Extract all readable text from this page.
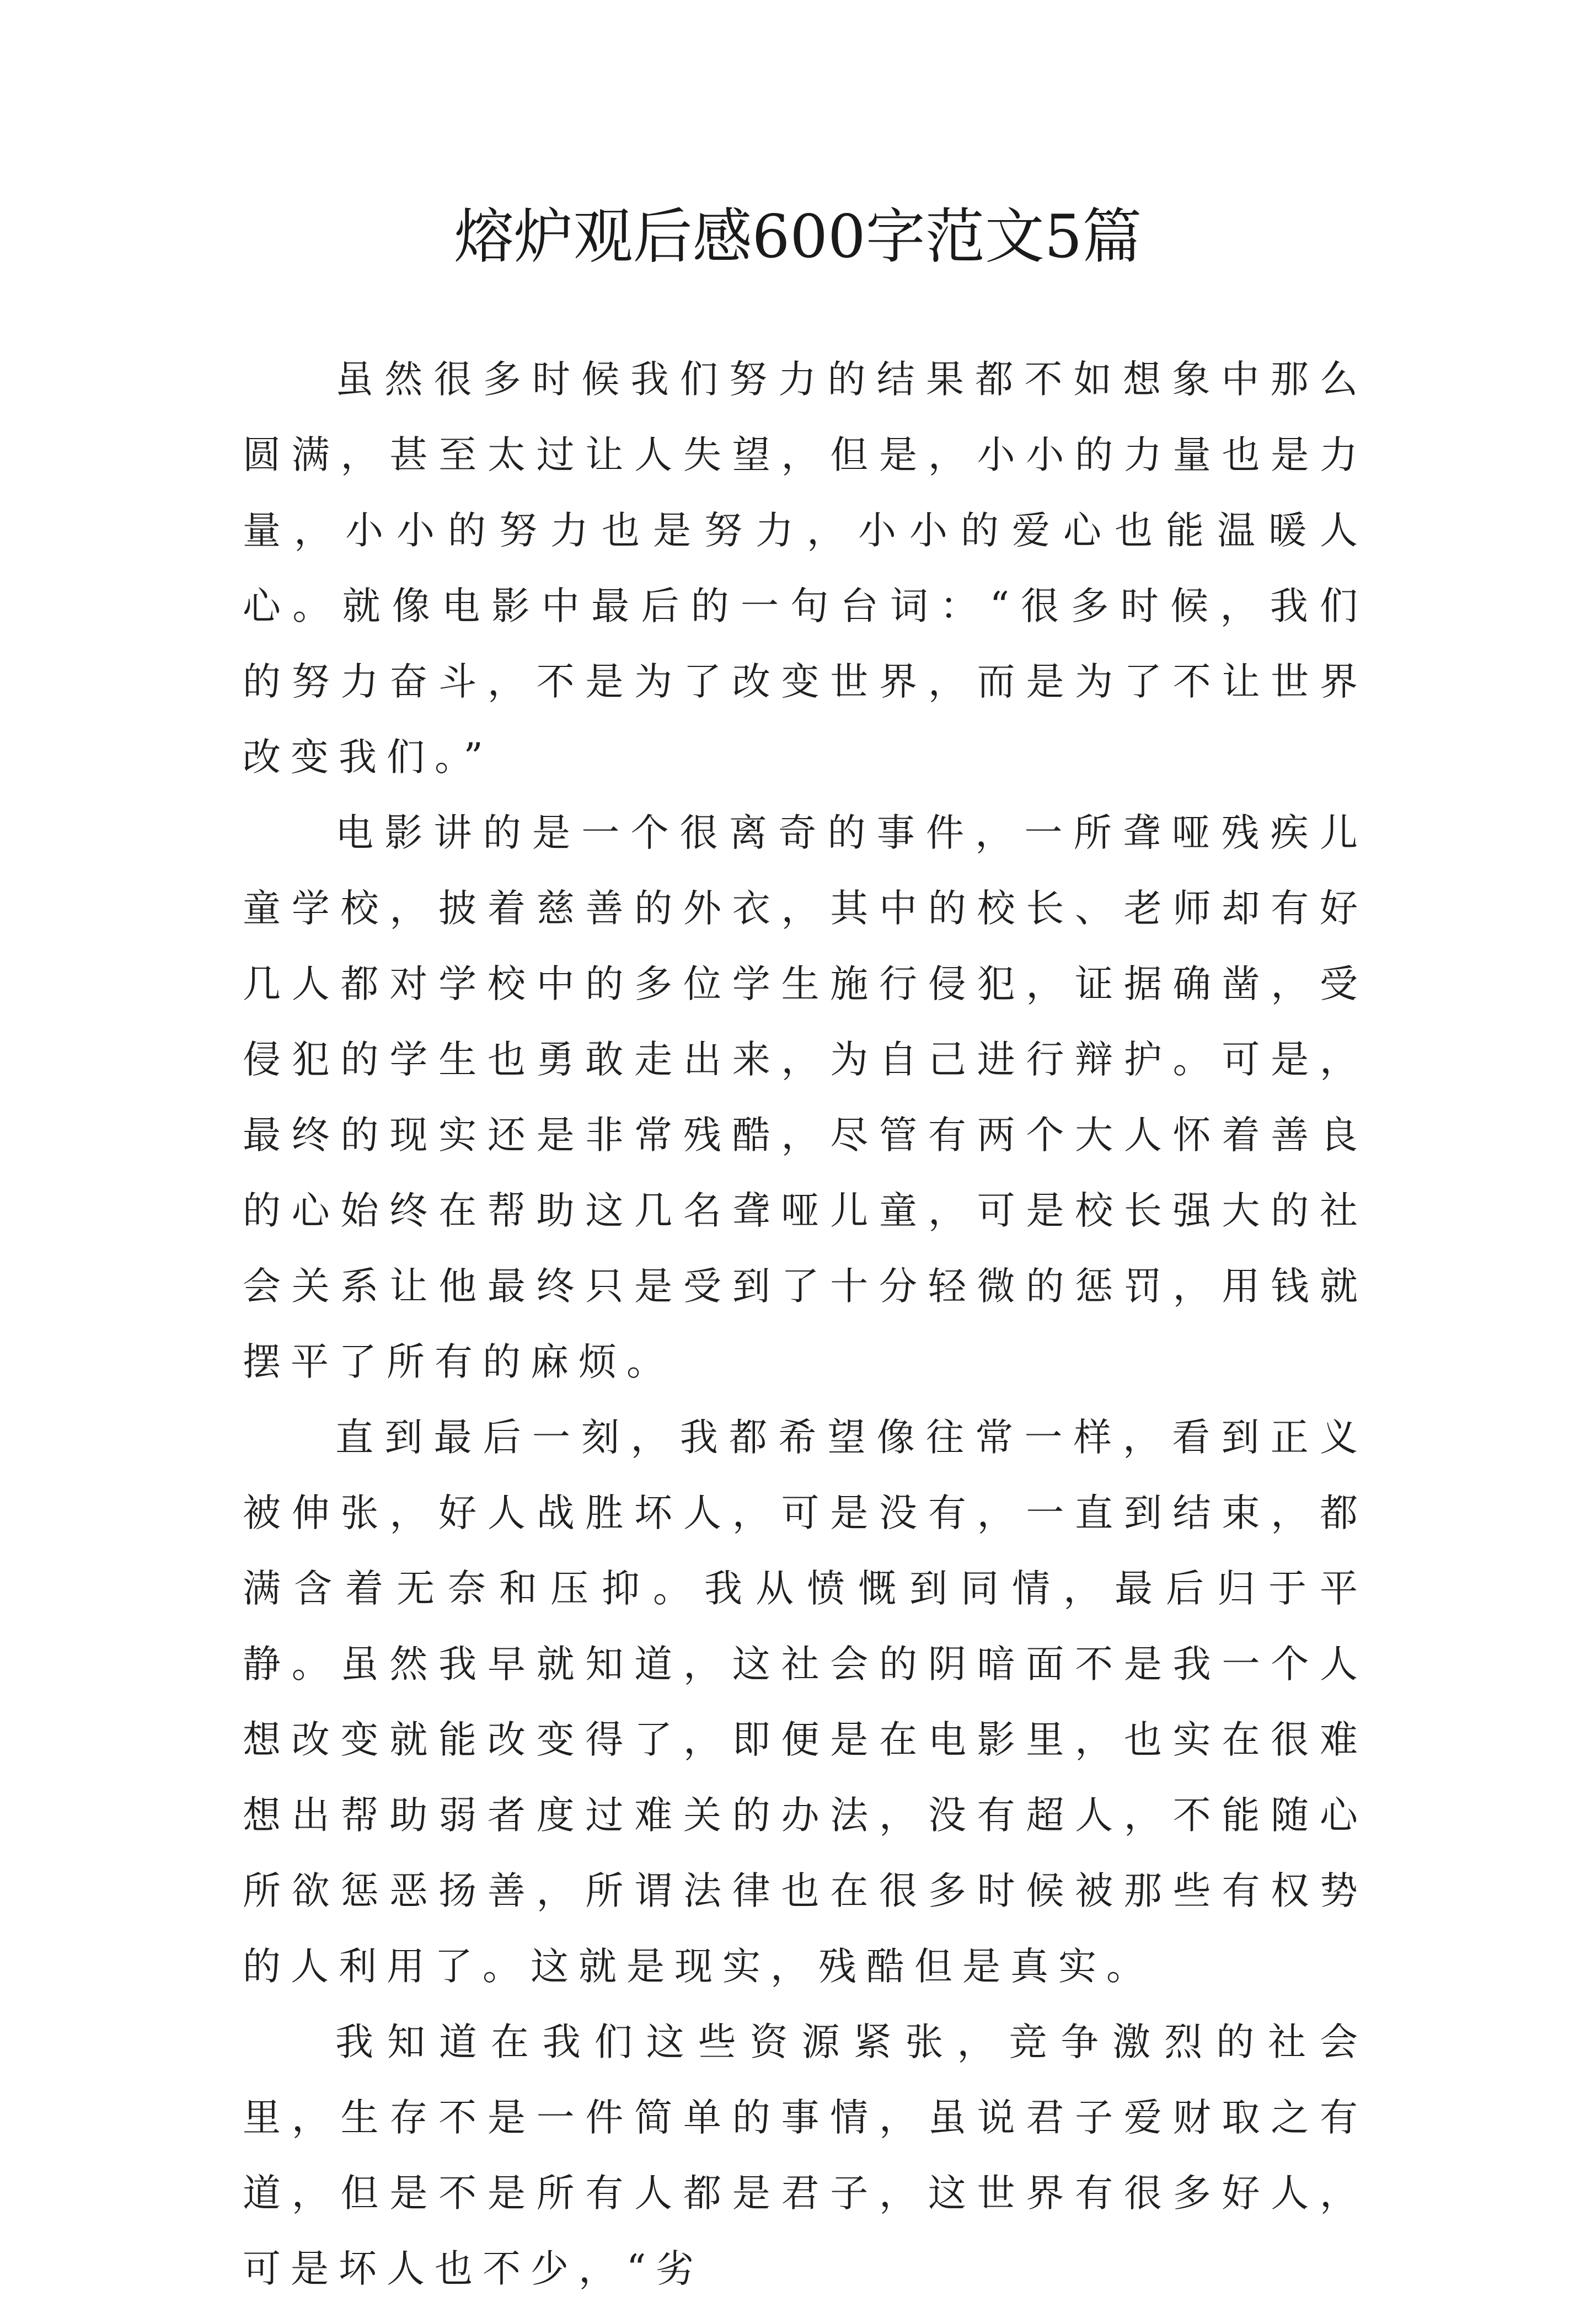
熔炉观后感600字范文5篇

虽然很多时候我们努力的结果都不如想象中那么圆满，甚至太过让人失望，但是，小小的力量也是力量，小小的努力也是努力，小小的爱心也能温暖人心。就像电影中最后的一句台词：“很多时候，我们的努力奋斗，不是为了改变世界，而是为了不让世界改变我们。”

电影讲的是一个很离奇的事件，一所聋哑残疾儿童学校，披着慈善的外衣，其中的校长、老师却有好几人都对学校中的多位学生施行侵犯，证据确凿，受侵犯的学生也勇敢走出来，为自己进行辩护。可是，最终的现实还是非常残酷，尽管有两个大人怀着善良的心始终在帮助这几名聋哑儿童，可是校长强大的社会关系让他最终只是受到了十分轻微的惩罚，用钱就摆平了所有的麻烦。

直到最后一刻，我都希望像往常一样，看到正义被伸张，好人战胜坏人，可是没有，一直到结束，都满含着无奈和压抑。我从愤慨到同情，最后归于平静。虽然我早就知道，这社会的阴暗面不是我一个人想改变就能改变得了，即便是在电影里，也实在很难想出帮助弱者度过难关的办法，没有超人，不能随心所欲惩恶扬善，所谓法律也在很多时候被那些有权势的人利用了。这就是现实，残酷但是真实。

我知道在我们这些资源紧张，竞争激烈的社会里，生存不是一件简单的事情，虽说君子爱财取之有道，但是不是所有人都是君子，这世界有很多好人，可是坏人也不少，“劣
